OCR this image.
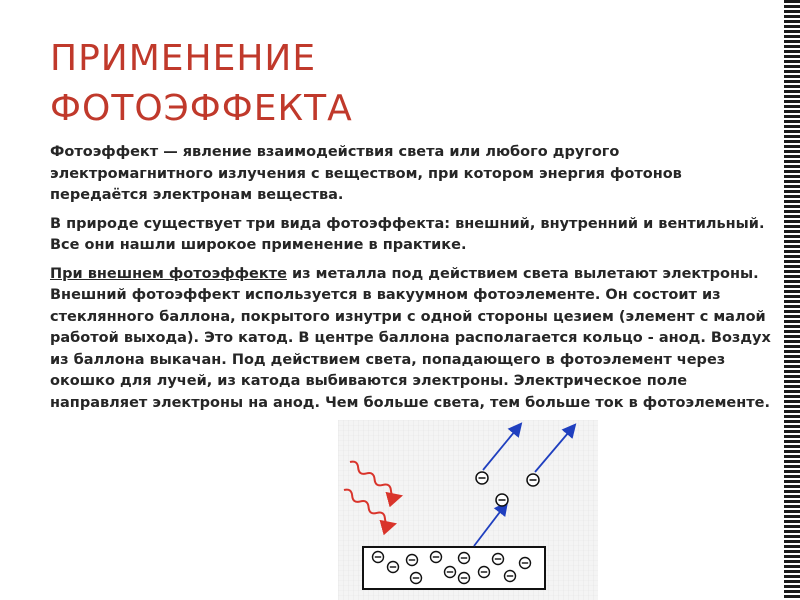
ПРИМЕНЕНИЕ
ФОТОЭФФЕКТА

Фотоэффект — явление взаимодействия света или любого другого электромагнитного излучения с веществом, при котором энергия фотонов передаётся электронам вещества.

В природе существует три вида фотоэффекта: внешний, внутренний и вентильный. Все они нашли широкое применение в практике.

При внешнем фотоэффекте из металла под действием света вылетают электроны. Внешний фотоэффект используется в вакуумном фотоэлементе. Он состоит из стеклянного баллона, покрытого изнутри с одной стороны цезием (элемент с малой работой выхода). Это катод. В центре баллона располагается кольцо - анод. Воздух из баллона выкачан. Под действием света, попадающего в фотоэлемент через окошко для лучей, из катода выбиваются электроны. Электрическое поле направляет электроны на анод. Чем больше света, тем больше ток в фотоэлементе.
